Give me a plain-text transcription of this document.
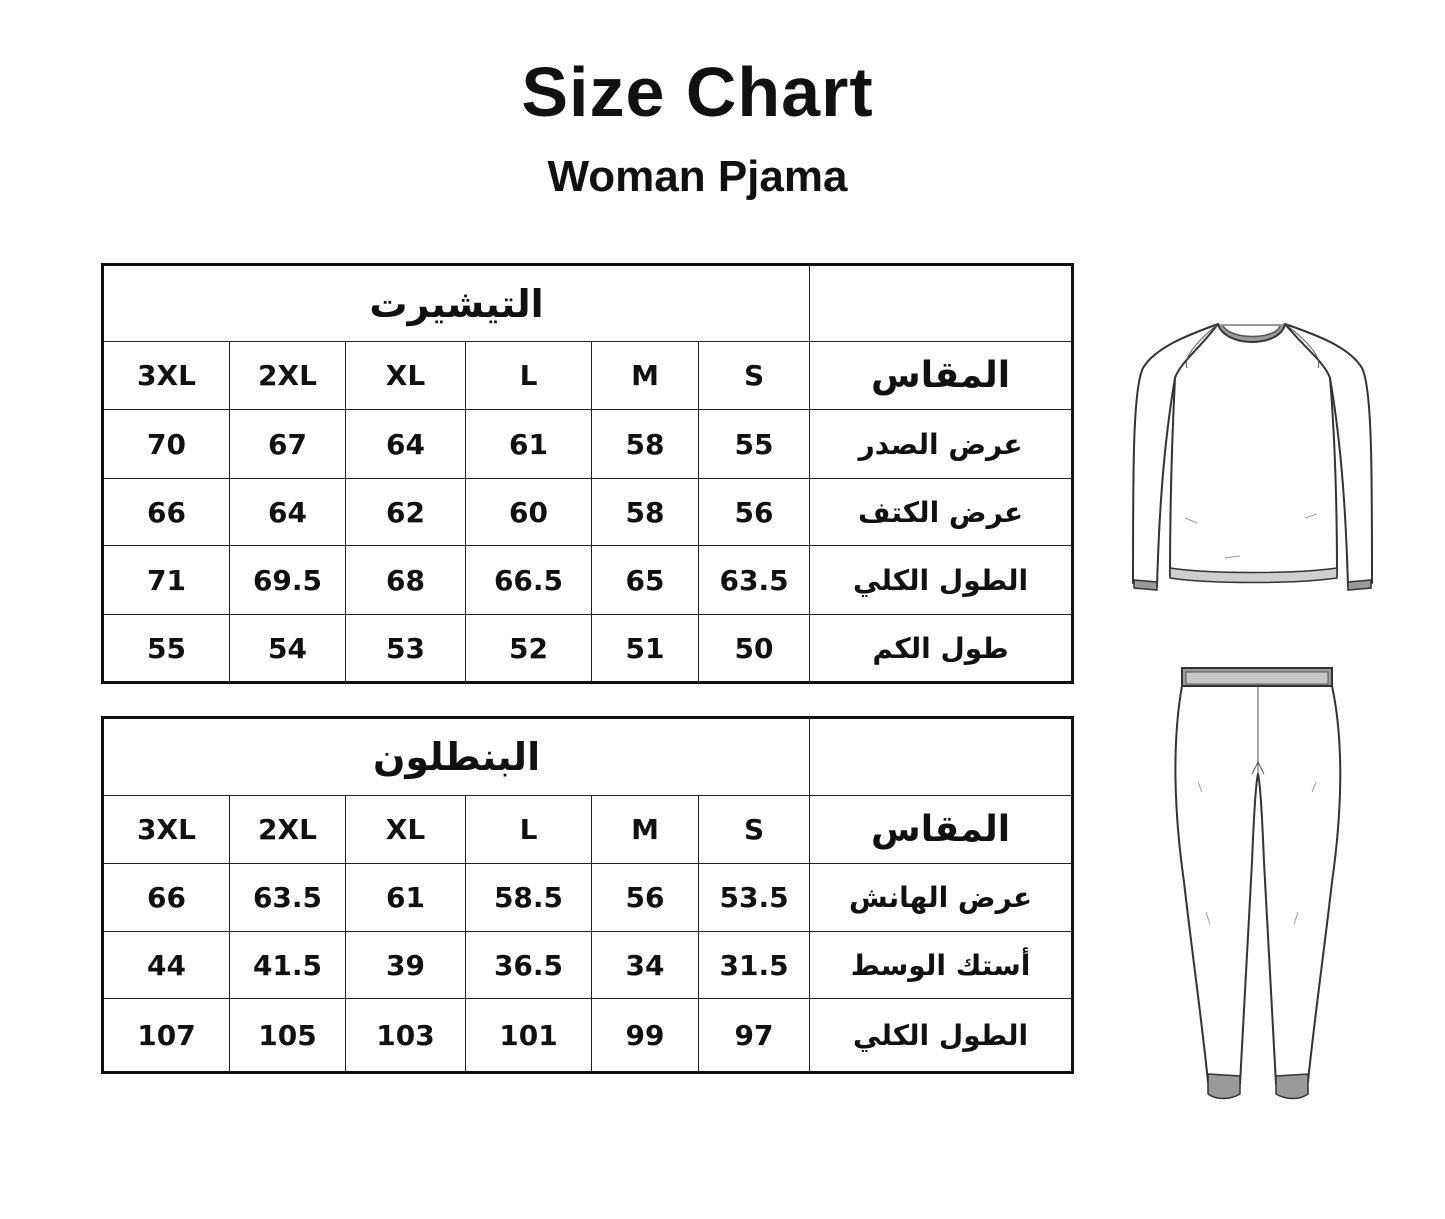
Size Chart
Woman Pjama
التيشيرت						
3XL	2XL	XL	L	M	S	المقاس
70	67	64	61	58	55	عرض الصدر
66	64	62	60	58	56	عرض الكتف
71	69.5	68	66.5	65	63.5	الطول الكلي
55	54	53	52	51	50	طول الكم
البنطلون						
3XL	2XL	XL	L	M	S	المقاس
66	63.5	61	58.5	56	53.5	عرض الهانش
44	41.5	39	36.5	34	31.5	أستك الوسط
107	105	103	101	99	97	الطول الكلي
